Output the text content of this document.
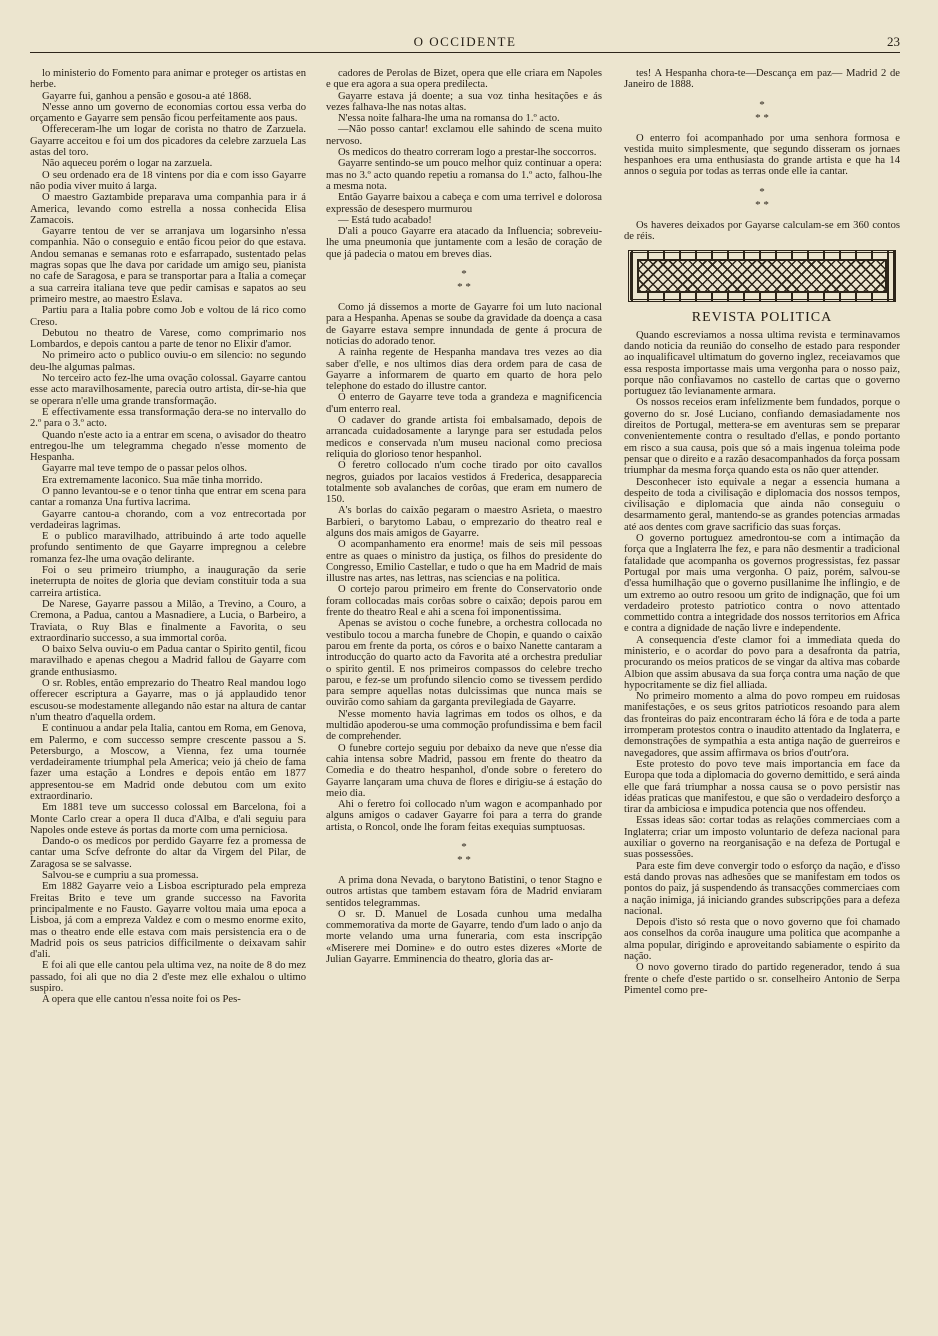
O OCCIDENTE	23

lo ministerio do Fomento para animar e proteger os artistas en herbe.

Gayarre fui, ganhou a pensão e gosou-a até 1868.

N'esse anno um governo de economias cortou essa verba do orçamento e Gayarre sem pensão ficou perfeitamente aos paus.

Offereceram-lhe um logar de corista no thatro de Zarzuela. Gayarre acceitou e foi um dos picadores da celebre zarzuela Las astas del toro.

Não aqueceu porém o logar na zarzuela.

O seu ordenado era de 18 vintens por dia e com isso Gayarre não podia viver muito á larga.

O maestro Gaztambide preparava uma companhia para ir á America, levando como estrella a nossa conhecida Elisa Zamacois.

Gayarre tentou de ver se arranjava um logarsinho n'essa companhia. Não o conseguio e então ficou peior do que estava. Andou semanas e semanas roto e esfarrapado, sustentado pelas magras sopas que lhe dava por caridade um amigo seu, pianista no cafe de Saragosa, e para se transportar para a Italia a começar a sua carreira italiana teve que pedir camisas e sapatos ao seu primeiro mestre, ao maestro Eslava.

Partiu para a Italia pobre como Job e voltou de lá rico como Creso.

Debutou no theatro de Varese, como comprimario nos Lombardos, e depois cantou a parte de tenor no Elixir d'amor.

No primeiro acto o publico ouviu-o em silencio: no segundo deu-lhe algumas palmas.

No terceiro acto fez-lhe uma ovação colossal. Gayarre cantou esse acto maravilhosamente, parecia outro artista, dir-se-hia que se operara n'elle uma grande transformação.

E effectivamente essa transformação dera-se no intervallo do 2.º para o 3.º acto.

Quando n'este acto ia a entrar em scena, o avisador do theatro entregou-lhe um telegramma chegado n'esse momento de Hespanha.

Gayarre mal teve tempo de o passar pelos olhos.

Era extremamente laconico. Sua mãe tinha morrido.

O panno levantou-se e o tenor tinha que entrar em scena para cantar a romanza Una furtiva lacrima.

Gayarre cantou-a chorando, com a voz entrecortada por verdadeiras lagrimas.

E o publico maravilhado, attribuindo á arte todo aquelle profundo sentimento de que Gayarre impregnou a celebre romanza fez-lhe uma ovação delirante.

Foi o seu primeiro triumpho, a inauguração da serie ineterrupta de noites de gloria que deviam constituir toda a sua carreira artistica.

De Narese, Gayarre passou a Milão, a Trevino, a Couro, a Cremona, a Padua, cantou a Masnadiere, a Lucia, o Barbeiro, a Traviata, o Ruy Blas e finalmente a Favorita, o seu extraordinario successo, a sua immortal corôa.

O baixo Selva ouviu-o em Padua cantar o Spirito gentil, ficou maravilhado e apenas chegou a Madrid fallou de Gayarre com grande enthusiasmo.

O sr. Robles, então emprezario do Theatro Real mandou logo offerecer escriptura a Gayarre, mas o já applaudido tenor escusou-se modestamente allegando não estar na altura de cantar n'um theatro d'aquella ordem.

E continuou a andar pela Italia, cantou em Roma, em Genova, em Palermo, e com successo sempre crescente passou a S. Petersburgo, a Moscow, a Vienna, fez uma tournée verdadeiramente triumphal pela America; veio já cheio de fama fazer uma estação a Londres e depois então em 1877 appresentou-se em Madrid onde debutou com um exito extraordinario.

Em 1881 teve um successo colossal em Barcelona, foi a Monte Carlo crear a opera Il duca d'Alba, e d'ali seguiu para Napoles onde esteve ás portas da morte com uma perniciosa.

Dando-o os medicos por perdido Gayarre fez a promessa de cantar uma Scfve defronte do altar da Virgem del Pilar, de Zaragosa se se salvasse.

Salvou-se e cumpriu a sua promessa.

Em 1882 Gayarre veio a Lisboa escripturado pela empreza Freitas Brito e teve um grande successo na Favorita principalmente e no Fausto. Gayarre voltou maia uma epoca a Lisboa, já com a empreza Valdez e com o mesmo enorme exito, mas o theatro ende elle estava com mais persistencia era o de Madrid pois os seus patricios difficilmente o deixavam sahir d'ali.

E foi ali que elle cantou pela ultima vez, na noite de 8 do mez passado, foi ali que no dia 2 d'este mez elle exhalou o ultimo suspiro.

A opera que elle cantou n'essa noite foi os Pes-

cadores de Perolas de Bizet, opera que elle criara em Napoles e que era agora a sua opera predilecta.

Gayarre estava já doente; a sua voz tinha hesitações e ás vezes falhava-lhe nas notas altas.

N'essa noite falhara-lhe uma na romansa do 1.º acto.

—Não posso cantar! exclamou elle sahindo de scena muito nervoso.

Os medicos do theatro correram logo a prestar-lhe soccorros.

Gayarre sentindo-se um pouco melhor quiz continuar a opera: mas no 3.º acto quando repetiu a romansa do 1.º acto, falhou-lhe a mesma nota.

Então Gayarre baixou a cabeça e com uma terrivel e dolorosa expressão de desespero murmurou

— Está tudo acabado!

D'ali a pouco Gayarre era atacado da Influencia; sobreveiu-lhe uma pneumonia que juntamente com a lesão de coração de que já padecia o matou em breves dias.

*
* *

Como já dissemos a morte de Gayarre foi um luto nacional para a Hespanha. Apenas se soube da gravidade da doença a casa de Gayarre estava sempre innundada de gente á procura de noticias do adorado tenor.

A rainha regente de Hespanha mandava tres vezes ao dia saber d'elle, e nos ultimos dias dera ordem para de casa de Gayarre a informarem de quarto em quarto de hora pelo telephone do estado do illustre cantor.

O enterro de Gayarre teve toda a grandeza e magnificencia d'um enterro real.

O cadaver do grande artista foi embalsamado, depois de arrancada cuidadosamente a larynge para ser estudada pelos medicos e conservada n'um museu nacional como preciosa reliquia do glorioso tenor hespanhol.

O feretro collocado n'um coche tirado por oito cavallos negros, guiados por lacaios vestidos á Frederica, desapparecia totalmente sob avalanches de corôas, que eram em numero de 150.

A's borlas do caixão pegaram o maestro Asrieta, o maestro Barbieri, o barytomo Labau, o emprezario do theatro real e alguns dos mais amigos de Gayarre.

O acompanhamento era enorme! mais de seis mil pessoas entre as quaes o ministro da justiça, os filhos do presidente do Congresso, Emilio Castellar, e tudo o que ha em Madrid de mais illustre nas artes, nas lettras, nas sciencias e na politica.

O cortejo parou primeiro em frente do Conservatorio onde foram collocadas mais corôas sobre o caixão; depois parou em frente do theatro Real e ahi a scena foi imponentissima.

Apenas se avistou o coche funebre, a orchestra collocada no vestibulo tocou a marcha funebre de Chopin, e quando o caixão parou em frente da porta, os córos e o baixo Nanette cantaram a introducção do quarto acto da Favorita até a orchestra preduliar o spirito gentil. E nos primeiros compassos do celebre trecho parou, e fez-se um profundo silencio como se tivessem perdido para sempre aquellas notas dulcissimas que nunca mais se ouvirão como sahiam da garganta previlegiada de Gayarre.

N'esse momento havia lagrimas em todos os olhos, e da multidão apoderou-se uma commoção profundissima e bem facil de comprehender.

O funebre cortejo seguiu por debaixo da neve que n'esse dia cahia intensa sobre Madrid, passou em frente do theatro da Comedia e do theatro hespanhol, d'onde sobre o feretero do Gayarre lançaram uma chuva de flores e dirigiu-se á estação do meio dia.

Ahi o feretro foi collocado n'um wagon e acompanhado por alguns amigos o cadaver Gayarre foi para a terra do grande artista, o Roncol, onde lhe foram feitas exequias sumptuosas.

*
* *

A prima dona Nevada, o barytono Batistini, o tenor Stagno e outros artistas que tambem estavam fóra de Madrid enviaram sentidos telegrammas.

O sr. D. Manuel de Losada cunhou uma medalha commemorativa da morte de Gayarre, tendo d'um lado o anjo da morte velando uma urna funeraria, com esta inscripção «Miserere mei Domine» e do outro estes dizeres «Morte de Julian Gayarre. Emminencia do theatro, gloria das ar-

tes! A Hespanha chora-te—Descança em paz— Madrid 2 de Janeiro de 1888.

*
* *

O enterro foi acompanhado por uma senhora formosa e vestida muito simplesmente, que segundo disseram os jornaes hespanhoes era uma enthusiasta do grande artista e que ha 14 annos o seguia por todas as terras onde elle ia cantar.

*
* *

Os haveres deixados por Gayarse calculam-se em 360 contos de réis.

REVISTA POLITICA

Quando escreviamos a nossa ultima revista e terminavamos dando noticia da reunião do conselho de estado para responder ao inqualificavel ultimatum do governo inglez, receiavamos que essa resposta importasse mais uma vergonha para o nosso paiz, porque não confiavamos no castello de cartas que o governo portuguez tão levianamente armara.

Os nossos receios eram infelizmente bem fundados, porque o governo do sr. José Luciano, confiando demasiadamente nos direitos de Portugal, mettera-se em aventuras sem se preparar convenientemente contra o resultado d'ellas, e pondo portanto em risco a sua causa, pois que só a mais ingenua toleima pode pensar que o direito e a razão desacompanhados da força possam triumphar da mesma força quando esta os não quer attender.

Desconhecer isto equivale a negar a essencia humana a despeito de toda a civilisação e diplomacia dos nossos tempos, civilisação e diplomacia que ainda não conseguiu o desarmamento geral, mantendo-se as grandes potencias armadas até aos dentes com grave sacrificio das suas forças.

O governo portuguez amedrontou-se com a intimação da força que a Inglaterra lhe fez, e para não desmentir a tradicional fatalidade que acompanha os governos progressistas, fez passar Portugal por mais uma vergonha. O paiz, porém, salvou-se d'essa humilhação que o governo pusillanime lhe inflingio, e de um extremo ao outro resoou um grito de indignação, que foi um verdadeiro protesto patriotico contra o novo attentado commettido contra a integridade dos nossos territorios em Africa e contra a dignidade de nação livre e independente.

A consequencia d'este clamor foi a immediata queda do ministerio, e o acordar do povo para a desafronta da patria, procurando os meios praticos de se vingar da altiva mas cobarde Albion que assim abusava da sua força contra uma nação de que hypocritamente se diz fiel alliada.

No primeiro momento a alma do povo rompeu em ruidosas manifestações, e os seus gritos patrioticos resoando para alem das fronteiras do paiz encontraram écho lá fóra e de toda a parte irromperam protestos contra o inaudito attentado da Inglaterra, e demonstrações de sympathia a esta antiga nação de guerreiros e navegadores, que assim affirmava os brios d'outr'ora.

Este protesto do povo teve mais importancia em face da Europa que toda a diplomacia do governo demittido, e será ainda elle que fará triumphar a nossa causa se o povo persistir nas idéas praticas que manifestou, e que são o verdadeiro desforço a tirar da ambiciosa e impudica potencia que nos offendeu.

Essas ideas são: cortar todas as relações commerciaes com a Inglaterra; criar um imposto voluntario de defeza nacional para auxiliar o governo na reorganisação e na defeza de Portugal e suas possessões.

Para este fim deve convergir todo o esforço da nação, e d'isso está dando provas nas adhesões que se manifestam em todos os pontos do paiz, já suspendendo ás transacções commerciaes com a nação inimiga, já iniciando grandes subscripções para a defeza nacional.

Depois d'isto só resta que o novo governo que foi chamado aos conselhos da corôa inaugure uma politica que acompanhe a alma popular, dirigindo e aproveitando sabiamente o espirito da nação.

O novo governo tirado do partido regenerador, tendo á sua frente o chefe d'este partido o sr. conselheiro Antonio de Serpa Pimentel como pre-
